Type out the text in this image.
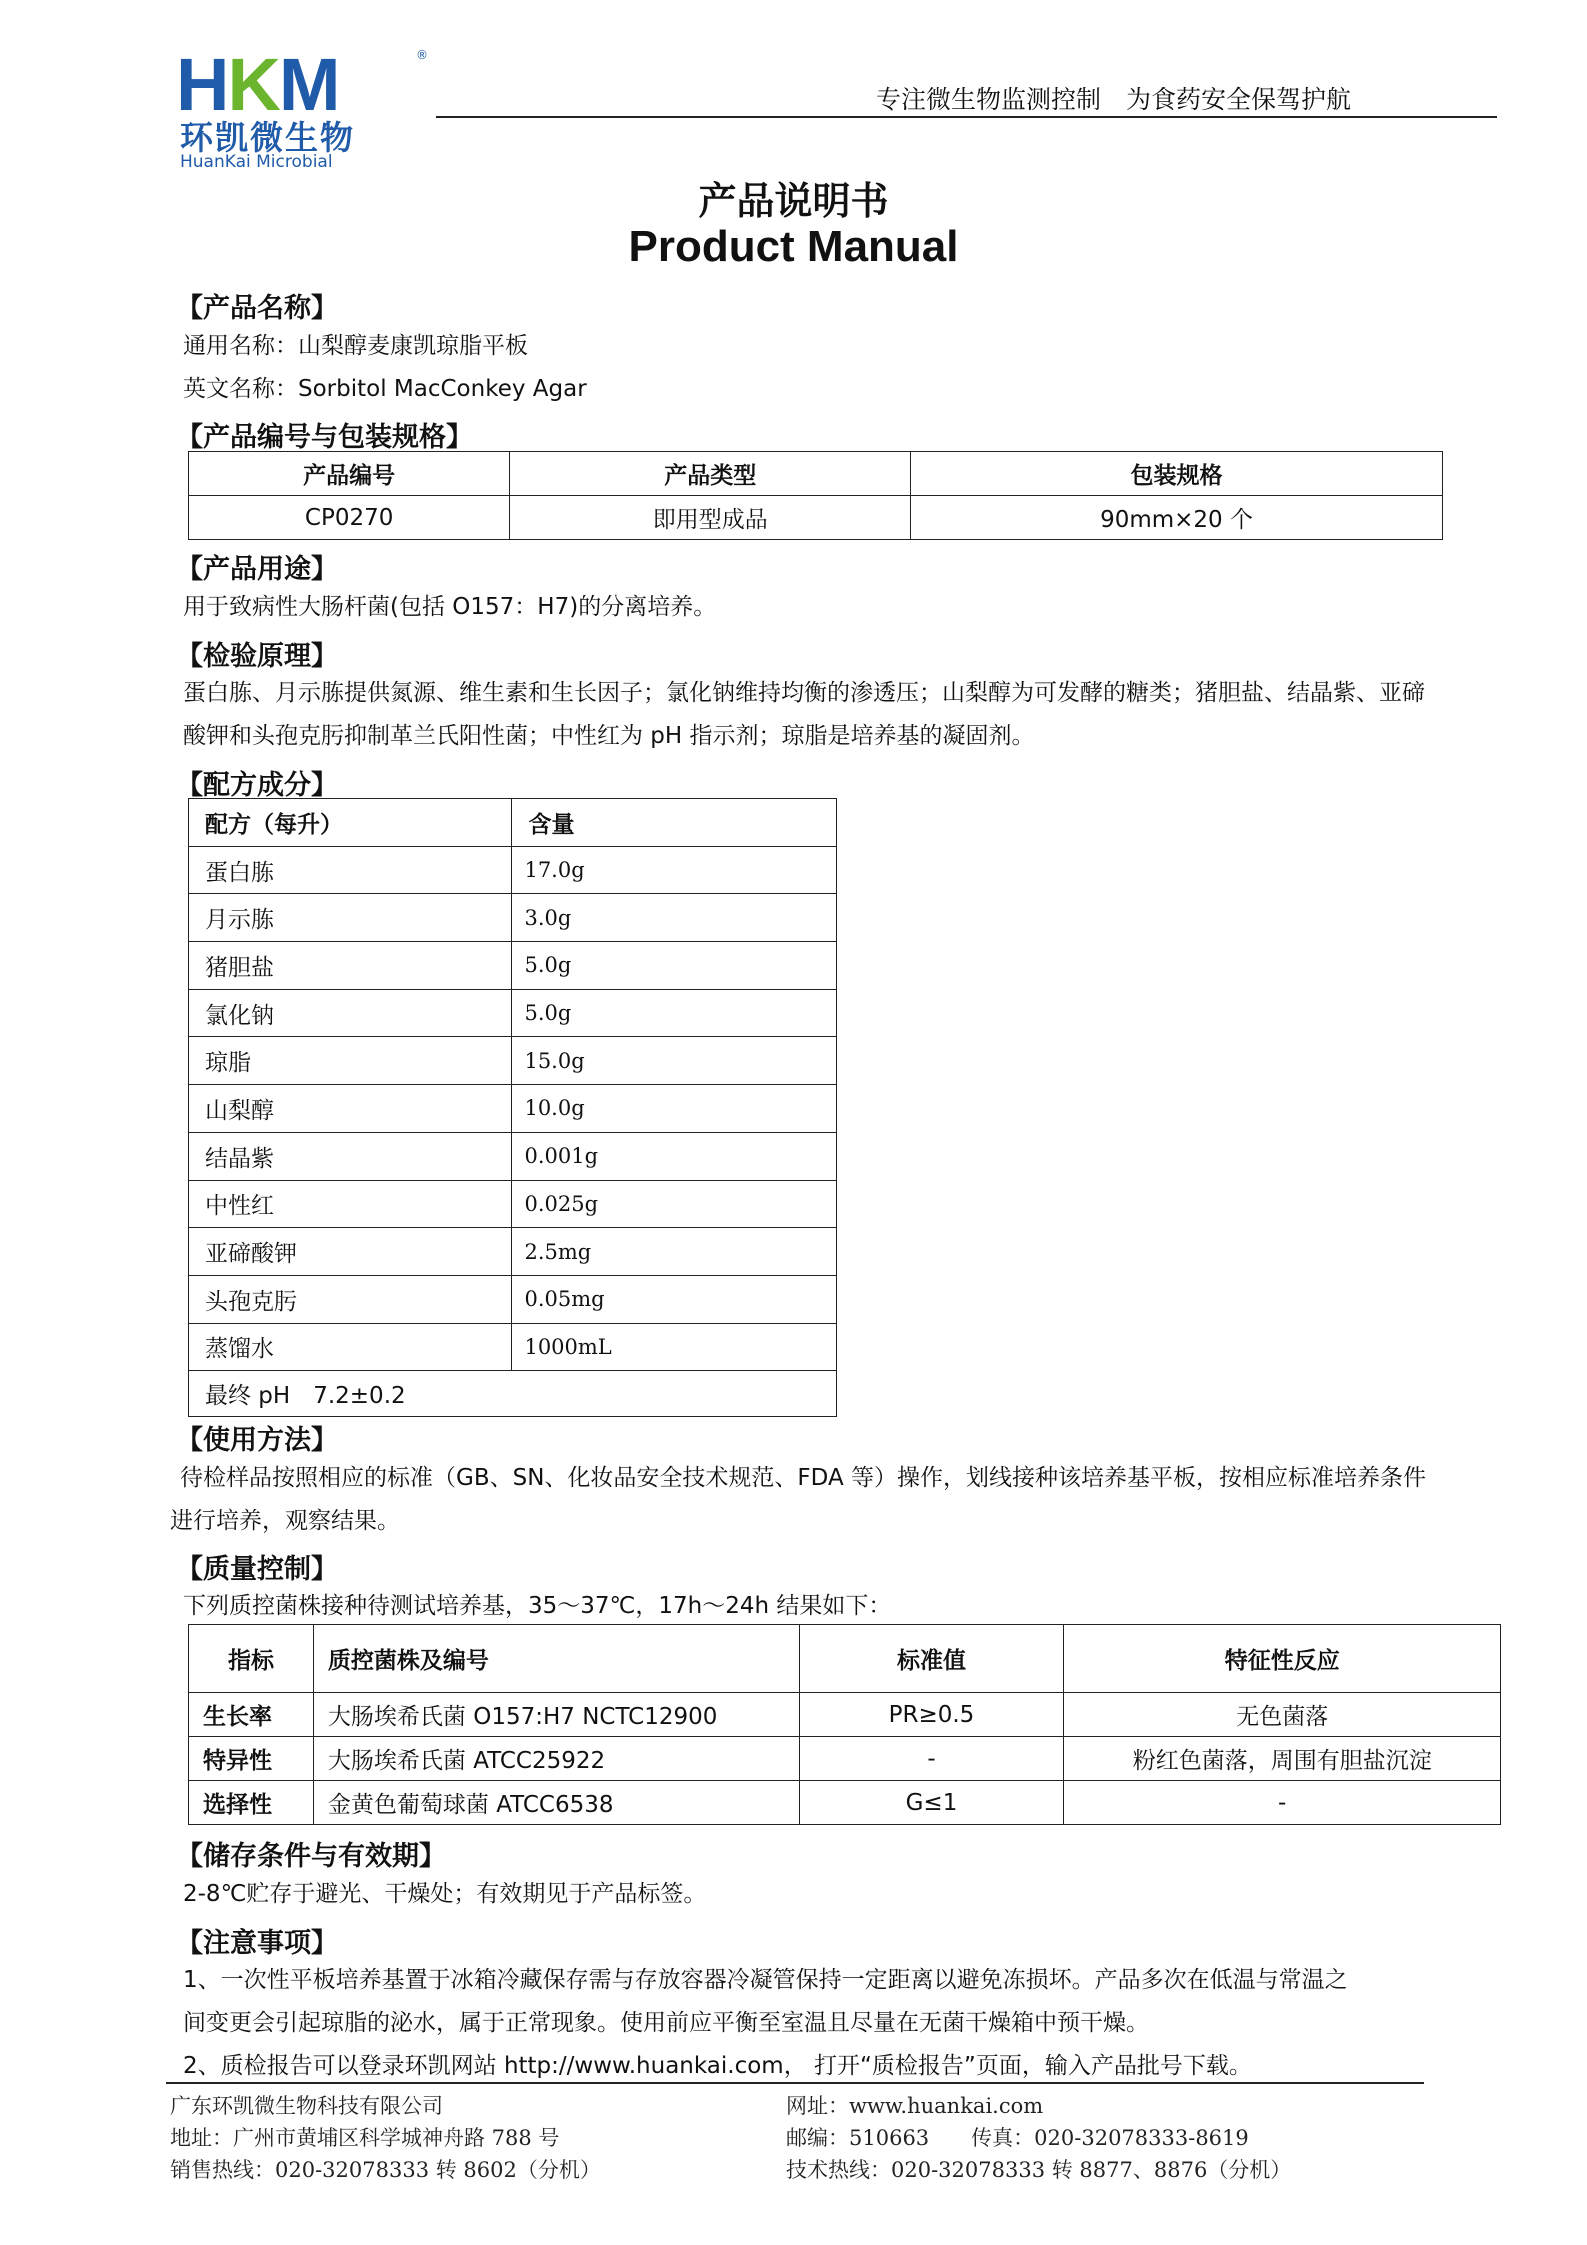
HKM	®
环凯微生物
HuanKai Microbial
专注微生物监测控制　为食药安全保驾护航
产品说明书
Product Manual
【产品名称】
通用名称：山梨醇麦康凯琼脂平板
英文名称：Sorbitol MacConkey Agar
【产品编号与包装规格】
产品编号	产品类型	包装规格
CP0270	即用型成品	90mm×20 个
【产品用途】
用于致病性大肠杆菌(包括 O157：H7)的分离培养。
【检验原理】
蛋白胨、月示胨提供氮源、维生素和生长因子；氯化钠维持均衡的渗透压；山梨醇为可发酵的糖类；猪胆盐、结晶紫、亚碲
酸钾和头孢克肟抑制革兰氏阳性菌；中性红为 pH 指示剂；琼脂是培养基的凝固剂。
【配方成分】
配方（每升）	含量
蛋白胨	17.0g
月示胨	3.0g
猪胆盐	5.0g
氯化钠	5.0g
琼脂	15.0g
山梨醇	10.0g
结晶紫	0.001g
中性红	0.025g
亚碲酸钾	2.5mg
头孢克肟	0.05mg
蒸馏水	1000mL
最终 pH　7.2±0.2	
【使用方法】
待检样品按照相应的标准（GB、SN、化妆品安全技术规范、FDA 等）操作，划线接种该培养基平板，按相应标准培养条件
进行培养，观察结果。
【质量控制】
下列质控菌株接种待测试培养基，35～37℃，17h～24h 结果如下：
指标	质控菌株及编号	标准值	特征性反应
生长率	大肠埃希氏菌 O157:H7 NCTC12900	PR≥0.5	无色菌落
特异性	大肠埃希氏菌 ATCC25922	-	粉红色菌落，周围有胆盐沉淀
选择性	金黄色葡萄球菌 ATCC6538	G≤1	-
【储存条件与有效期】
2-8℃贮存于避光、干燥处；有效期见于产品标签。
【注意事项】
1、一次性平板培养基置于冰箱冷藏保存需与存放容器冷凝管保持一定距离以避免冻损坏。产品多次在低温与常温之
间变更会引起琼脂的泌水，属于正常现象。使用前应平衡至室温且尽量在无菌干燥箱中预干燥。
2、质检报告可以登录环凯网站 http://www.huankai.com， 打开“质检报告”页面，输入产品批号下载。
广东环凯微生物科技有限公司
地址：广州市黄埔区科学城神舟路 788 号
销售热线：020-32078333 转 8602（分机）
网址：www.huankai.com
邮编：510663　　传真：020-32078333-8619
技术热线：020-32078333 转 8877、8876（分机）
